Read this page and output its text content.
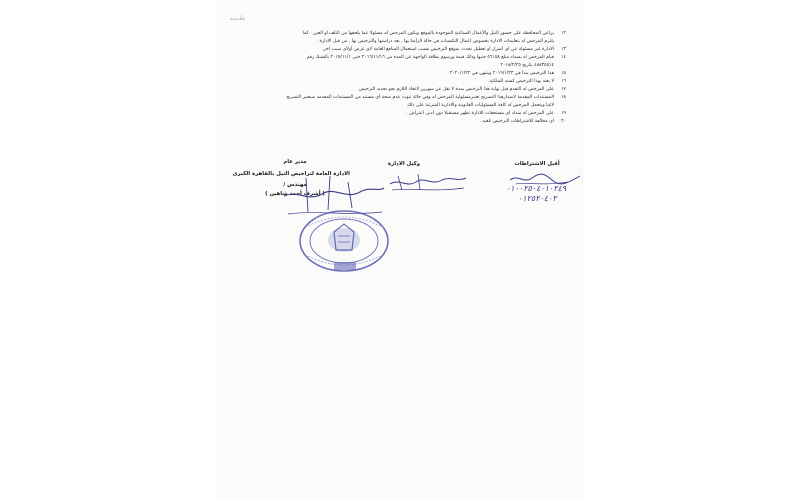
ﻂﺒﺳ
١٢
يراعي المحافظة على جسور النيل والأعمال الصناعية الموجودة بالموقع ويكون المرخص له مسئولا عما يلحقها من التلف أو العين . كما
يلتزم المرخص له بتعليمات الادارة بخصوص أعمال التكسيات في حالة الزامنا بها , بعد دراستها والترخيص بها , من قبل الادارة .
١٣
الادارة غير مسئولة عن أي أضرار او تعطيل تحدث بموقع الترخيص بسبب استعمال المنافع العامة لاى غرض أولأي سبب اخر.
١٤
قيام المرخص له بسداد مبلغ ٥٦١٥٨ جنيها وذلك قيمة ورسوم بطاقة الواجهة عن المدة من ٢٠١٦/١١/١٦ حتى ٢٠١٧/١١/١ بالشيك رقم
٤٨٨٣٥٥١٤ بتاريخ ٢٠١٨/٢/٢٥
١٥
هذا الترخيص يبدأ في ٢٠١٩/١/٢٣ وينتهي في ٢٠٢٠/١/٢٢
١٦
لا يعتد بهذا الترخيص كسند للملكية.
١٧
على المرخص له التقدم قبل نهاية هذا الترخيص بمدة لا تقل عن شهرين لاتخاذ اللازم نحو تجديد الترخيص
١٨
المستندات المقدمة لاصدارهذا التصريح تعتبرمسئولية المرخص له وفي حالة ثبوت عدم صحة أي مستند من المستندات المقدمة سيعتبر التصريح
لاغيا ويتحمل المرخص له كافة المسئوليات القانونية والادارية المترتبة على ذلك
١٩
على المرخص له سداد أي مستحقات للادارة تظهر مستقبلا دون أدنى اعتراض .
٢٠
أي مخالفة للاشتراطات الترخيص تلغيه .
أقبل الاشتراطات
وكيل الادارة
مدير عام
الادارة العامة لتراخيص النيل بالقاهرة الكبرى
مهندس /
( أشرف أحمد شاهين )
٠١٠٠٢٥٠٤٠١٠٢٤٩
٠١٢٥٢٠٤٠٢
